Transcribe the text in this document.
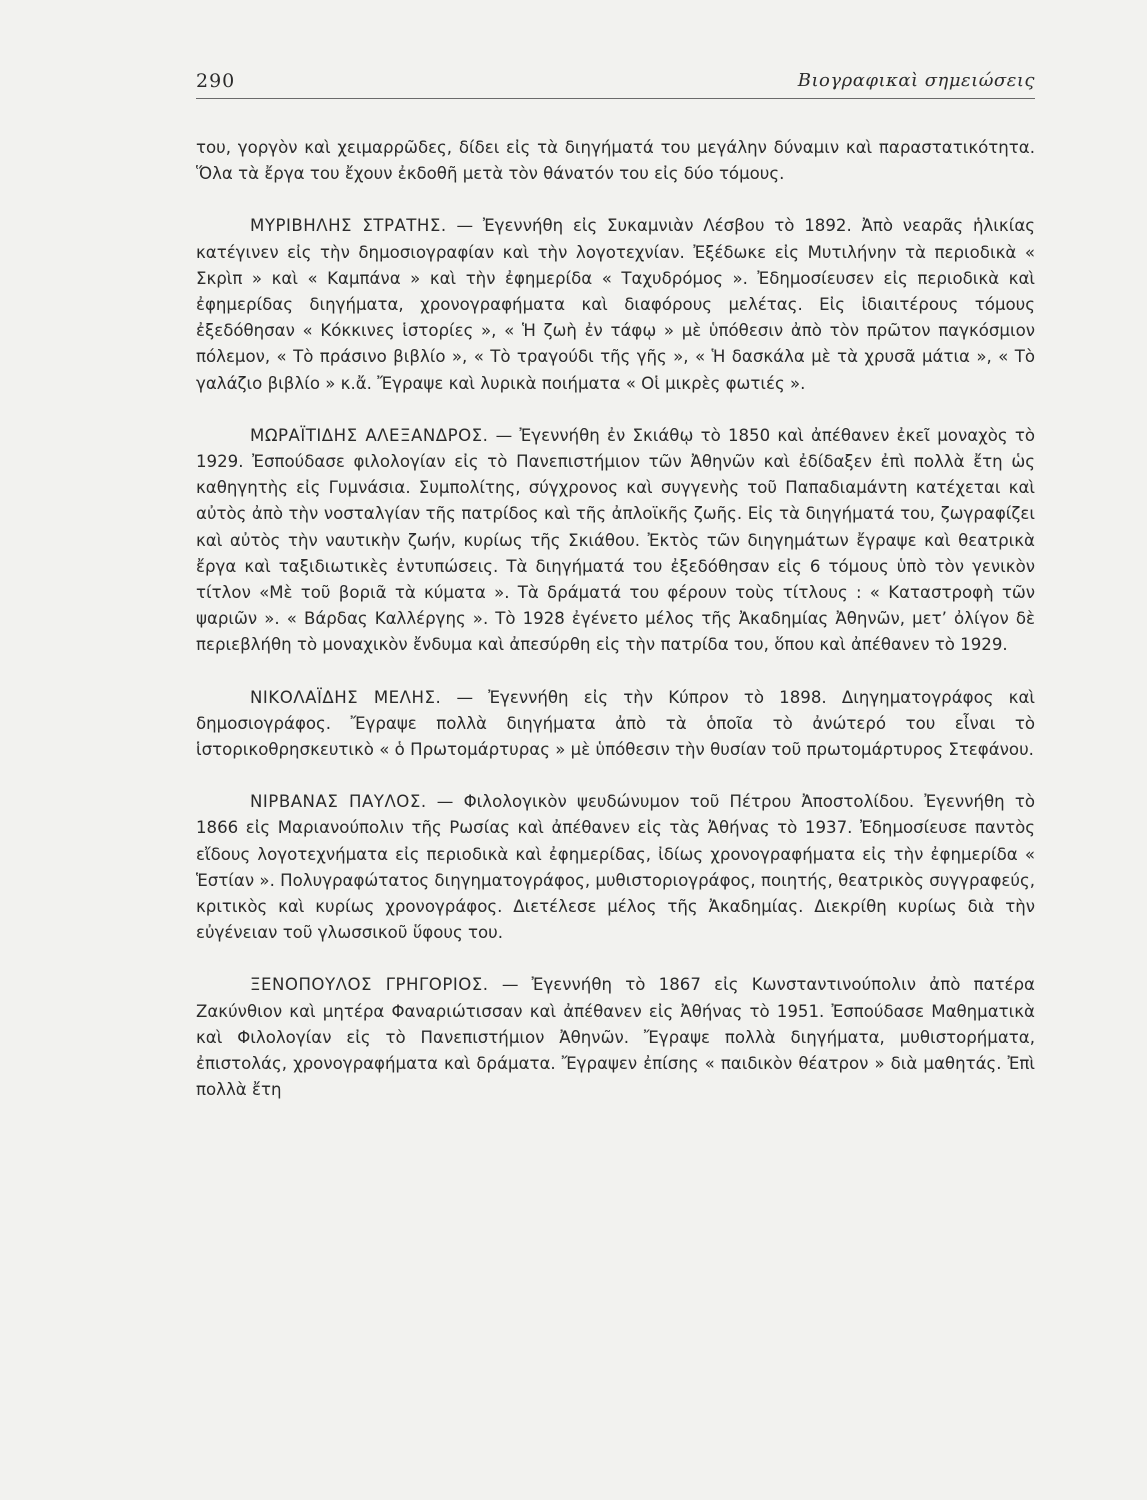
290	Βιογραφικαὶ σημειώσεις

του, γοργὸν καὶ χειμαρρῶδες, δίδει εἰς τὰ διηγήματά του μεγάλην δύναμιν καὶ παραστατικότητα. Ὅλα τὰ ἔργα του ἔχουν ἐκδοθῆ μετὰ τὸν θάνατόν του εἰς δύο τόμους.

ΜΥΡΙΒΗΛΗΣ ΣΤΡΑΤΗΣ. — Ἐγεννήθη εἰς Συκαμνιὰν Λέσβου τὸ 1892. Ἀπὸ νεαρᾶς ἡλικίας κατέγινεν εἰς τὴν δημοσιογραφίαν καὶ τὴν λογοτεχνίαν. Ἐξέδωκε εἰς Μυτιλήνην τὰ περιοδικὰ « Σκρὶπ » καὶ « Καμπάνα » καὶ τὴν ἐφημερίδα « Ταχυδρόμος ». Ἐδημοσίευσεν εἰς περιοδικὰ καὶ ἐφημερίδας διηγήματα, χρονογραφήματα καὶ διαφόρους μελέτας. Εἰς ἰδιαιτέρους τόμους ἐξεδόθησαν « Κόκκινες ἱστορίες », « Ἡ ζωὴ ἐν τάφῳ » μὲ ὑπόθεσιν ἀπὸ τὸν πρῶτον παγκόσμιον πόλεμον, « Τὸ πράσινο βιβλίο », « Τὸ τραγούδι τῆς γῆς », « Ἡ δασκάλα μὲ τὰ χρυσᾶ μάτια », « Τὸ γαλάζιο βιβλίο » κ.ἄ. Ἔγραψε καὶ λυρικὰ ποιήματα « Οἱ μικρὲς φωτιές ».

ΜΩΡΑΪΤΙΔΗΣ ΑΛΕΞΑΝΔΡΟΣ. — Ἐγεννήθη ἐν Σκιάθῳ τὸ 1850 καὶ ἀπέθανεν ἐκεῖ μοναχὸς τὸ 1929. Ἐσπούδασε φιλολογίαν εἰς τὸ Πανεπιστήμιον τῶν Ἀθηνῶν καὶ ἐδίδαξεν ἐπὶ πολλὰ ἔτη ὡς καθηγητὴς εἰς Γυμνάσια. Συμπολίτης, σύγχρονος καὶ συγγενὴς τοῦ Παπαδιαμάντη κατέχεται καὶ αὐτὸς ἀπὸ τὴν νοσταλγίαν τῆς πατρίδος καὶ τῆς ἀπλοϊκῆς ζωῆς. Εἰς τὰ διηγήματά του, ζωγραφίζει καὶ αὐτὸς τὴν ναυτικὴν ζωήν, κυρίως τῆς Σκιάθου. Ἐκτὸς τῶν διηγημάτων ἔγραψε καὶ θεατρικὰ ἔργα καὶ ταξιδιωτικὲς ἐντυπώσεις. Τὰ διηγήματά του ἐξεδόθησαν εἰς 6 τόμους ὑπὸ τὸν γενικὸν τίτλον «Μὲ τοῦ βοριᾶ τὰ κύματα ». Τὰ δράματά του φέρουν τοὺς τίτλους : « Καταστροφὴ τῶν ψαριῶν ». « Βάρδας Καλλέργης ». Τὸ 1928 ἐγένετο μέλος τῆς Ἀκαδημίας Ἀθηνῶν, μετ’ ὀλίγον δὲ περιεβλήθη τὸ μοναχικὸν ἔνδυμα καὶ ἀπεσύρθη εἰς τὴν πατρίδα του, ὅπου καὶ ἀπέθανεν τὸ 1929.

ΝΙΚΟΛΑΪΔΗΣ ΜΕΛΗΣ. — Ἐγεννήθη εἰς τὴν Κύπρον τὸ 1898. Διηγηματογράφος καὶ δημοσιογράφος. Ἔγραψε πολλὰ διηγήματα ἀπὸ τὰ ὁποῖα τὸ ἀνώτερό του εἶναι τὸ ἱστορικοθρησκευτικὸ « ὁ Πρωτομάρτυρας » μὲ ὑπόθεσιν τὴν θυσίαν τοῦ πρωτομάρτυρος Στεφάνου.

ΝΙΡΒΑΝΑΣ ΠΑΥΛΟΣ. — Φιλολογικὸν ψευδώνυμον τοῦ Πέτρου Ἀποστολίδου. Ἐγεννήθη τὸ 1866 εἰς Μαριανούπολιν τῆς Ρωσίας καὶ ἀπέθανεν εἰς τὰς Ἀθήνας τὸ 1937. Ἐδημοσίευσε παντὸς εἴδους λογοτεχνήματα εἰς περιοδικὰ καὶ ἐφημερίδας, ἰδίως χρονογραφήματα εἰς τὴν ἐφημερίδα « Ἑστίαν ». Πολυγραφώτατος διηγηματογράφος, μυθιστοριογράφος, ποιητής, θεατρικὸς συγγραφεύς, κριτικὸς καὶ κυρίως χρονογράφος. Διετέλεσε μέλος τῆς Ἀκαδημίας. Διεκρίθη κυρίως διὰ τὴν εὐγένειαν τοῦ γλωσσικοῦ ὕφους του.

ΞΕΝΟΠΟΥΛΟΣ ΓΡΗΓΟΡΙΟΣ. — Ἐγεννήθη τὸ 1867 εἰς Κωνσταντινούπολιν ἀπὸ πατέρα Ζακύνθιον καὶ μητέρα Φαναριώτισσαν καὶ ἀπέθανεν εἰς Ἀθήνας τὸ 1951. Ἐσπούδασε Μαθηματικὰ καὶ Φιλολογίαν εἰς τὸ Πανεπιστήμιον Ἀθηνῶν. Ἔγραψε πολλὰ διηγήματα, μυθιστορήματα, ἐπιστολάς, χρονογραφήματα καὶ δράματα. Ἔγραψεν ἐπίσης « παιδικὸν θέατρον » διὰ μαθητάς. Ἐπὶ πολλὰ ἔτη
